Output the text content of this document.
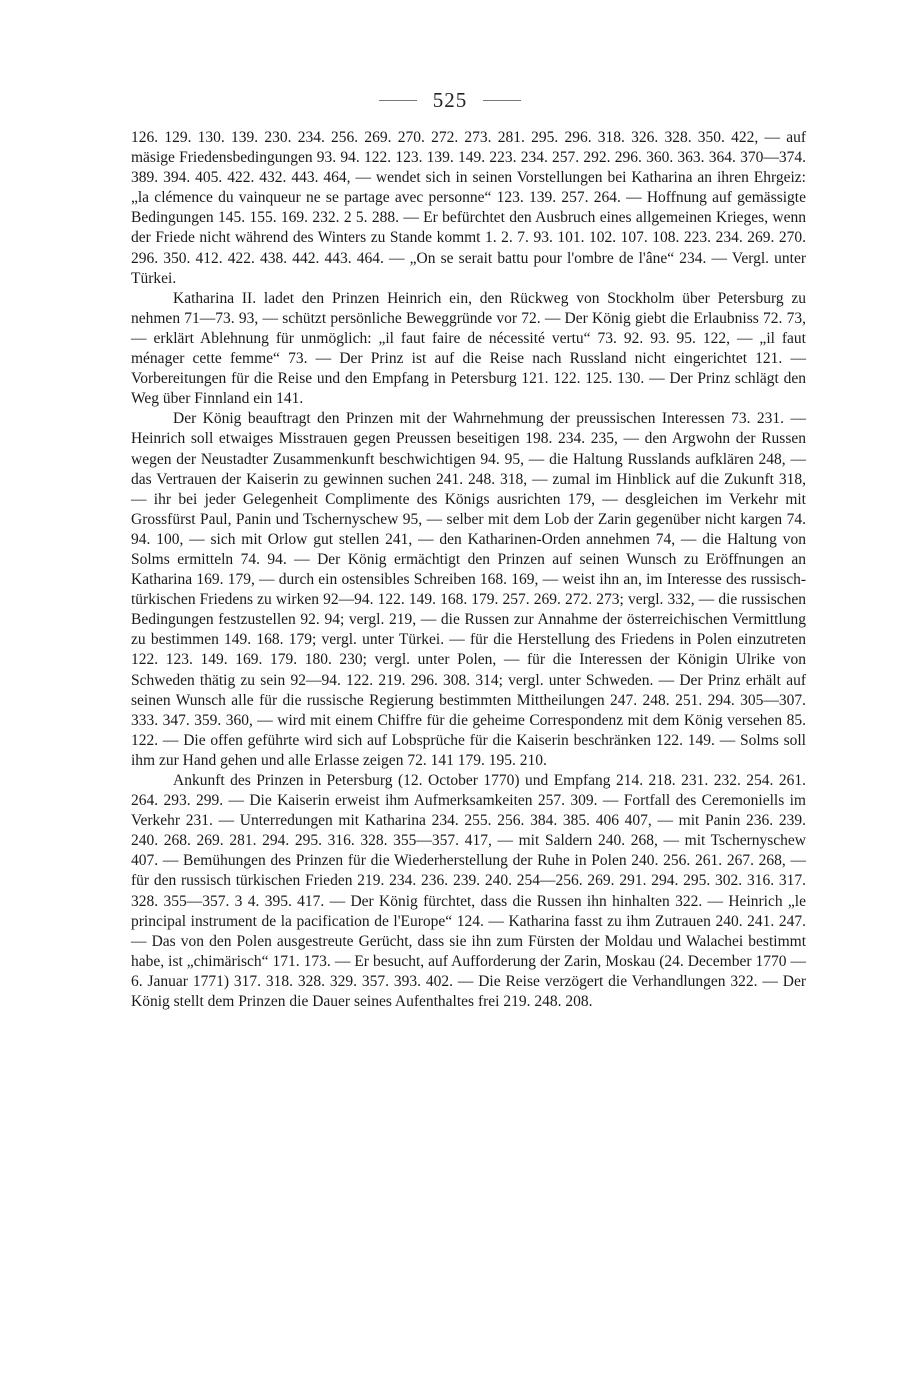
525

126. 129. 130. 139. 230. 234. 256. 269. 270. 272. 273. 281. 295. 296. 318. 326. 328. 350. 422, — auf mäsige Friedensbedingungen 93. 94. 122. 123. 139. 149. 223. 234. 257. 292. 296. 360. 363. 364. 370—374. 389. 394. 405. 422. 432. 443. 464, — wendet sich in seinen Vorstellungen bei Katharina an ihren Ehrgeiz: „la clémence du vainqueur ne se partage avec personne“ 123. 139. 257. 264. — Hoffnung auf gemässigte Bedingungen 145. 155. 169. 232. 2 5. 288. — Er befürchtet den Ausbruch eines allgemeinen Krieges, wenn der Friede nicht während des Winters zu Stande kommt 1. 2. 7. 93. 101. 102. 107. 108. 223. 234. 269. 270. 296. 350. 412. 422. 438. 442. 443. 464. — „On se serait battu pour l'ombre de l'âne“ 234. — Vergl. unter Türkei.

Katharina II. ladet den Prinzen Heinrich ein, den Rückweg von Stockholm über Petersburg zu nehmen 71—73. 93, — schützt persönliche Beweggründe vor 72. — Der König giebt die Erlaubniss 72. 73, — erklärt Ablehnung für unmöglich: „il faut faire de nécessité vertu“ 73. 92. 93. 95. 122, — „il faut ménager cette femme“ 73. — Der Prinz ist auf die Reise nach Russland nicht eingerichtet 121. — Vorbereitungen für die Reise und den Empfang in Petersburg 121. 122. 125. 130. — Der Prinz schlägt den Weg über Finnland ein 141.

Der König beauftragt den Prinzen mit der Wahrnehmung der preussischen Interessen 73. 231. — Heinrich soll etwaiges Misstrauen gegen Preussen beseitigen 198. 234. 235, — den Argwohn der Russen wegen der Neustadter Zusammenkunft beschwichtigen 94. 95, — die Haltung Russlands aufklären 248, — das Vertrauen der Kaiserin zu gewinnen suchen 241. 248. 318, — zumal im Hinblick auf die Zukunft 318, — ihr bei jeder Gelegenheit Complimente des Königs ausrichten 179, — desgleichen im Verkehr mit Grossfürst Paul, Panin und Tschernyschew 95, — selber mit dem Lob der Zarin gegenüber nicht kargen 74. 94. 100, — sich mit Orlow gut stellen 241, — den Katharinen-Orden annehmen 74, — die Haltung von Solms ermitteln 74. 94. — Der König ermächtigt den Prinzen auf seinen Wunsch zu Eröffnungen an Katharina 169. 179, — durch ein ostensibles Schreiben 168. 169, — weist ihn an, im Interesse des russisch-türkischen Friedens zu wirken 92—94. 122. 149. 168. 179. 257. 269. 272. 273; vergl. 332, — die russischen Bedingungen festzustellen 92. 94; vergl. 219, — die Russen zur Annahme der österreichischen Vermittlung zu bestimmen 149. 168. 179; vergl. unter Türkei. — für die Herstellung des Friedens in Polen einzutreten 122. 123. 149. 169. 179. 180. 230; vergl. unter Polen, — für die Interessen der Königin Ulrike von Schweden thätig zu sein 92—94. 122. 219. 296. 308. 314; vergl. unter Schweden. — Der Prinz erhält auf seinen Wunsch alle für die russische Regierung bestimmten Mittheilungen 247. 248. 251. 294. 305—307. 333. 347. 359. 360, — wird mit einem Chiffre für die geheime Correspondenz mit dem König versehen 85. 122. — Die offen geführte wird sich auf Lobsprüche für die Kaiserin beschränken 122. 149. — Solms soll ihm zur Hand gehen und alle Erlasse zeigen 72. 141 179. 195. 210.

Ankunft des Prinzen in Petersburg (12. October 1770) und Empfang 214. 218. 231. 232. 254. 261. 264. 293. 299. — Die Kaiserin erweist ihm Aufmerksamkeiten 257. 309. — Fortfall des Ceremoniells im Verkehr 231. — Unterredungen mit Katharina 234. 255. 256. 384. 385. 406 407, — mit Panin 236. 239. 240. 268. 269. 281. 294. 295. 316. 328. 355—357. 417, — mit Saldern 240. 268, — mit Tschernyschew 407. — Bemühungen des Prinzen für die Wiederherstellung der Ruhe in Polen 240. 256. 261. 267. 268, — für den russisch türkischen Frieden 219. 234. 236. 239. 240. 254—256. 269. 291. 294. 295. 302. 316. 317. 328. 355—357. 3 4. 395. 417. — Der König fürchtet, dass die Russen ihn hinhalten 322. — Heinrich „le principal instrument de la pacification de l'Europe“ 124. — Katharina fasst zu ihm Zutrauen 240. 241. 247. — Das von den Polen ausgestreute Gerücht, dass sie ihn zum Fürsten der Moldau und Walachei bestimmt habe, ist „chimärisch“ 171. 173. — Er besucht, auf Aufforderung der Zarin, Moskau (24. December 1770 — 6. Januar 1771) 317. 318. 328. 329. 357. 393. 402. — Die Reise verzögert die Verhandlungen 322. — Der König stellt dem Prinzen die Dauer seines Aufenthaltes frei 219. 248. 208.
